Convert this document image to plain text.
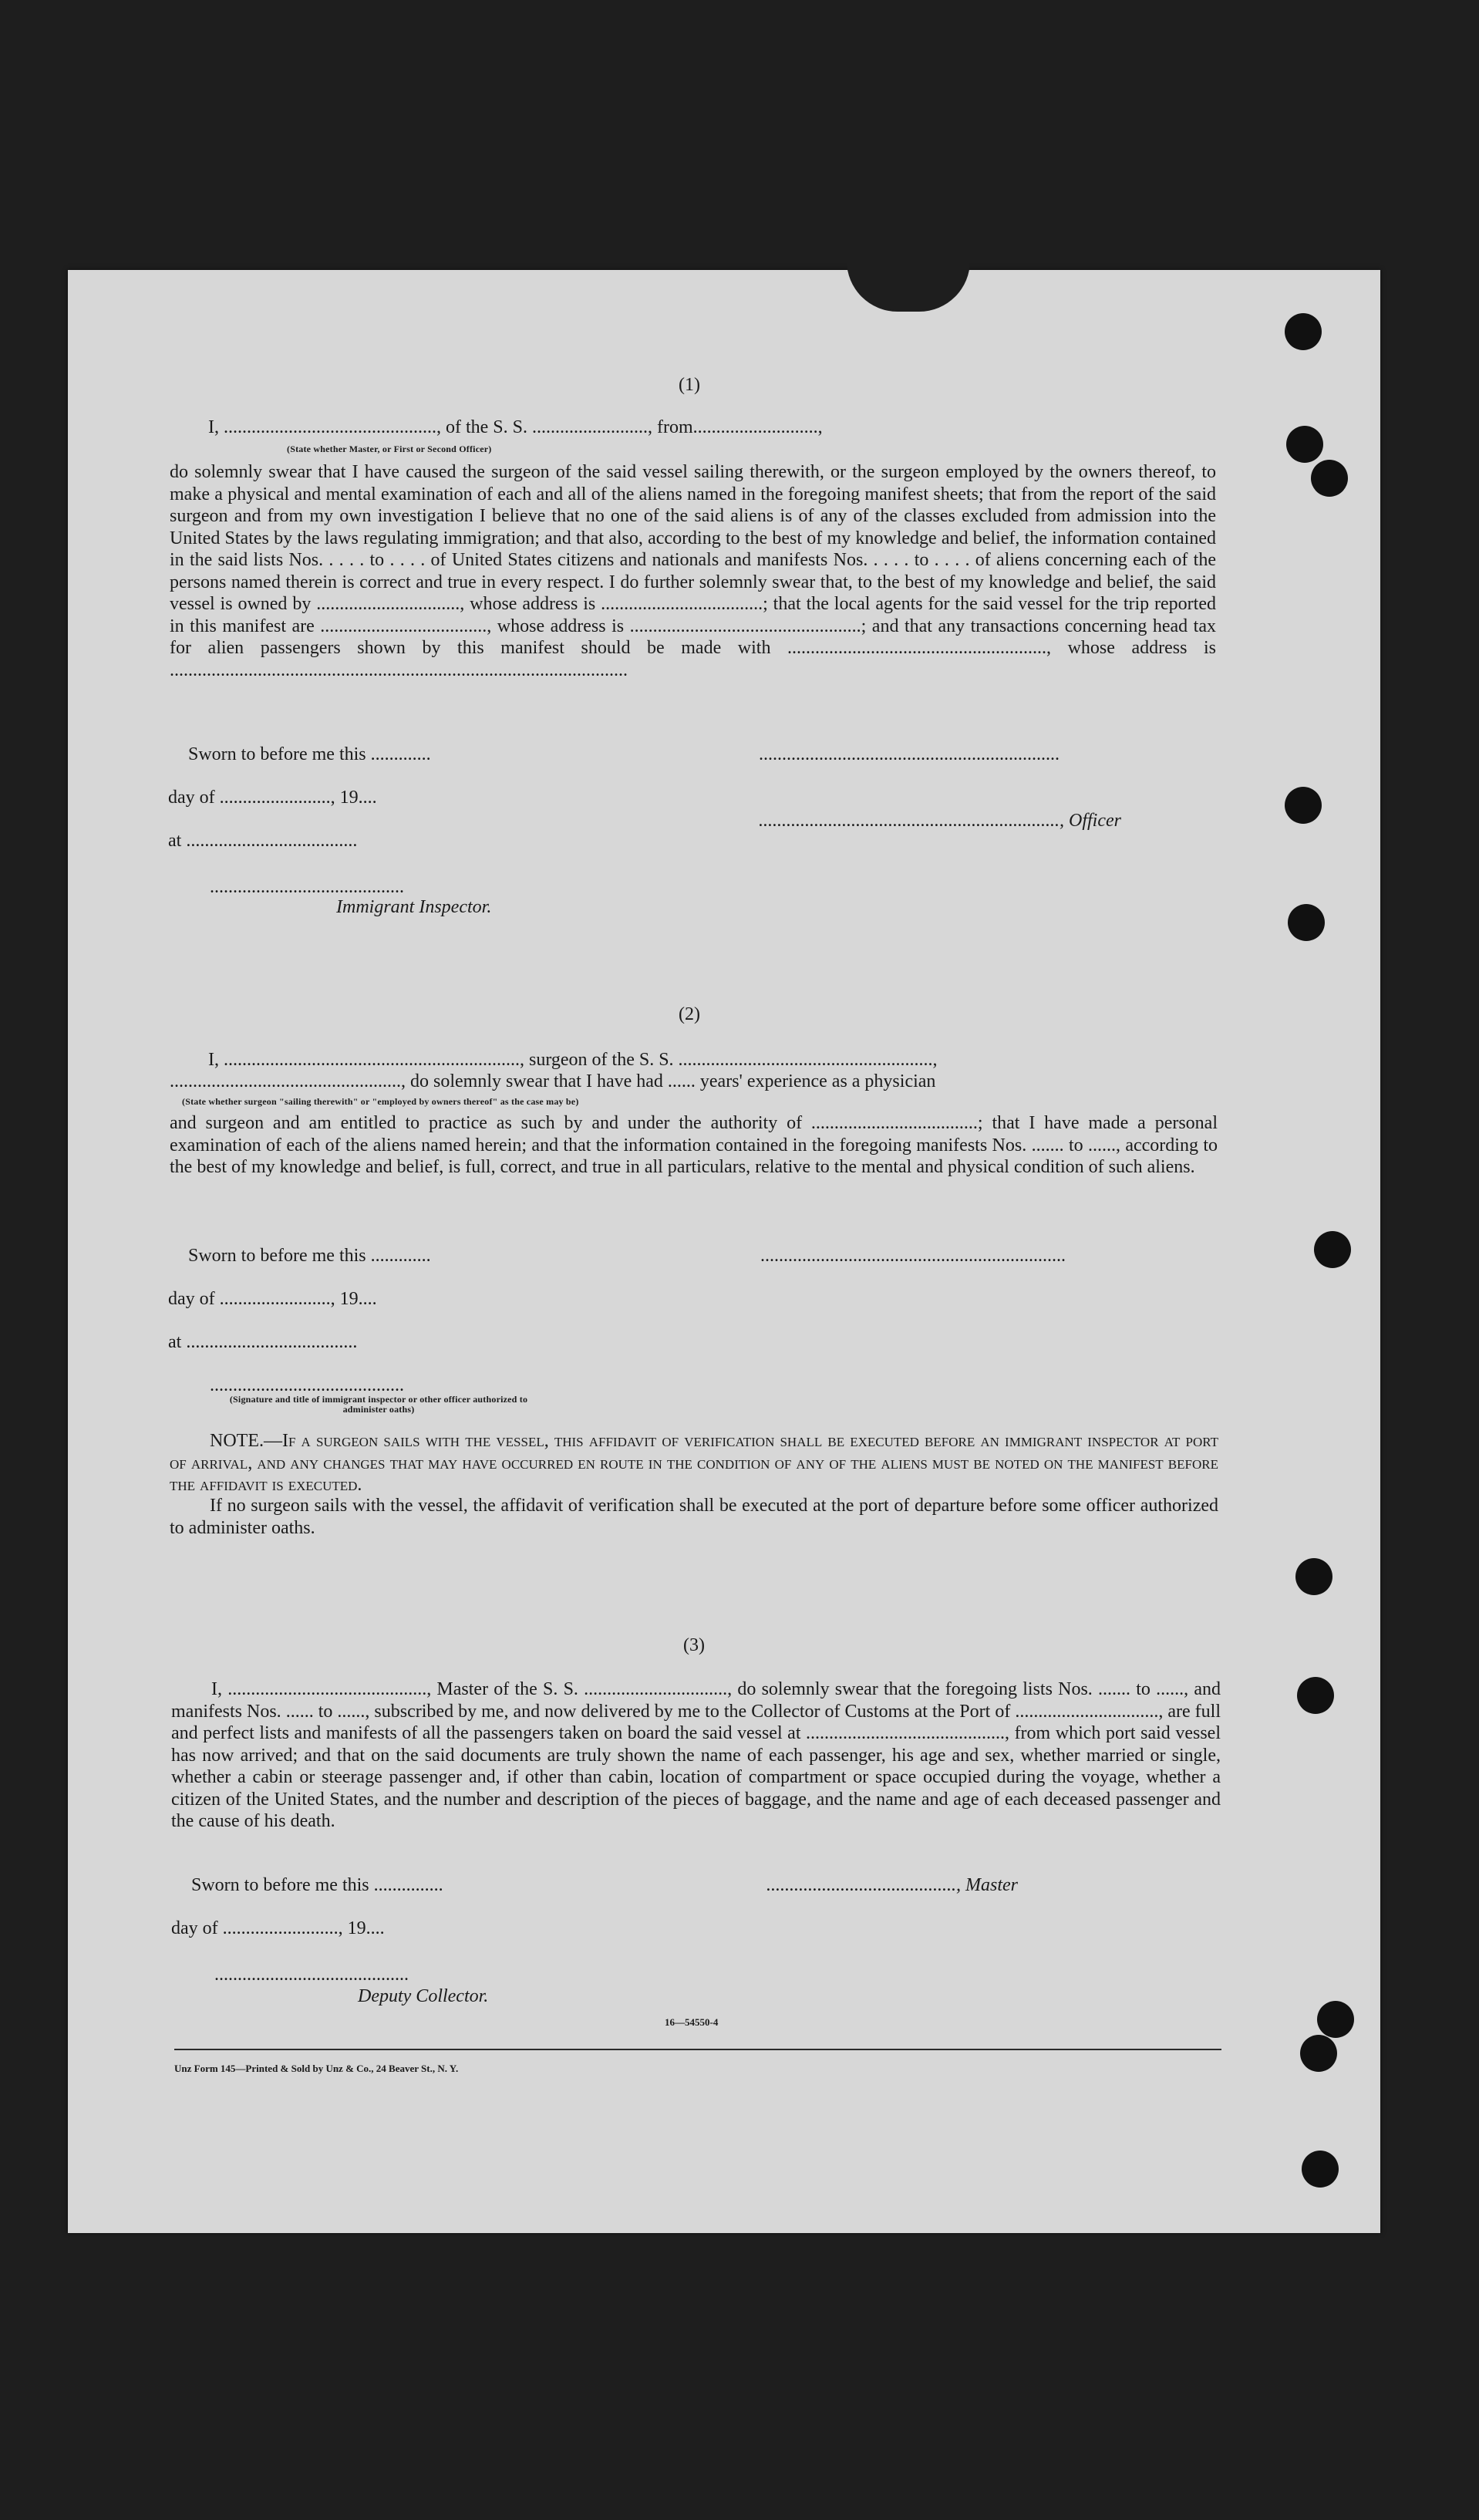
(1)
I, .............................................., of the S. S. ........................., from...........................,
(State whether Master, or First or Second Officer)
do solemnly swear that I have caused the surgeon of the said vessel sailing therewith, or the surgeon employed by the owners thereof, to make a physical and mental examination of each and all of the aliens named in the foregoing manifest sheets; that from the report of the said surgeon and from my own investigation I believe that no one of the said aliens is of any of the classes excluded from admission into the United States by the laws regulating immigration; and that also, according to the best of my knowledge and belief, the information contained in the said lists Nos. . . . . to . . . . of United States citizens and nationals and manifests Nos. . . . . to . . . . of aliens concerning each of the persons named therein is correct and true in every respect. I do further solemnly swear that, to the best of my knowledge and belief, the said vessel is owned by ..............................., whose address is ...................................; that the local agents for the said vessel for the trip reported in this manifest are ...................................., whose address is ..................................................; and that any transactions concerning head tax for alien passengers shown by this manifest should be made with ........................................................, whose address is ...................................................................................................
Sworn to before me this .............	.................................................................
day of ........................, 19....
................................................................., Officer
at .....................................
..........................................
Immigrant Inspector.
(2)
I, ................................................................, surgeon of the S. S. .......................................................,
.................................................., do solemnly swear that I have had ...... years' experience as a physician
(State whether surgeon "sailing therewith" or "employed by owners thereof" as the case may be)
and surgeon and am entitled to practice as such by and under the authority of ....................................; that I have made a personal examination of each of the aliens named herein; and that the information contained in the foregoing manifests Nos. ....... to ......, according to the best of my knowledge and belief, is full, correct, and true in all particulars, relative to the mental and physical condition of such aliens.
Sworn to before me this .............	..................................................................
day of ........................, 19....
at .....................................
..........................................
(Signature and title of immigrant inspector or other officer authorized to administer oaths)
NOTE.—If a surgeon sails with the vessel, this affidavit of verification shall be executed before an immigrant inspector at port of arrival, and any changes that may have occurred en route in the condition of any of the aliens must be noted on the manifest before the affidavit is executed.
If no surgeon sails with the vessel, the affidavit of verification shall be executed at the port of departure before some officer authorized to administer oaths.
(3)
I, ..........................................., Master of the S. S. ..............................., do solemnly swear that the foregoing lists Nos. ....... to ......, and manifests Nos. ...... to ......, subscribed by me, and now delivered by me to the Collector of Customs at the Port of ..............................., are full and perfect lists and manifests of all the passengers taken on board the said vessel at ..........................................., from which port said vessel has now arrived; and that on the said documents are truly shown the name of each passenger, his age and sex, whether married or single, whether a cabin or steerage passenger and, if other than cabin, location of compartment or space occupied during the voyage, whether a citizen of the United States, and the number and description of the pieces of baggage, and the name and age of each deceased passenger and the cause of his death.
Sworn to before me this ...............	........................................., Master
day of ........................., 19....
..........................................
Deputy Collector.
16—54550-4
Unz Form 145—Printed & Sold by Unz & Co., 24 Beaver St., N. Y.
